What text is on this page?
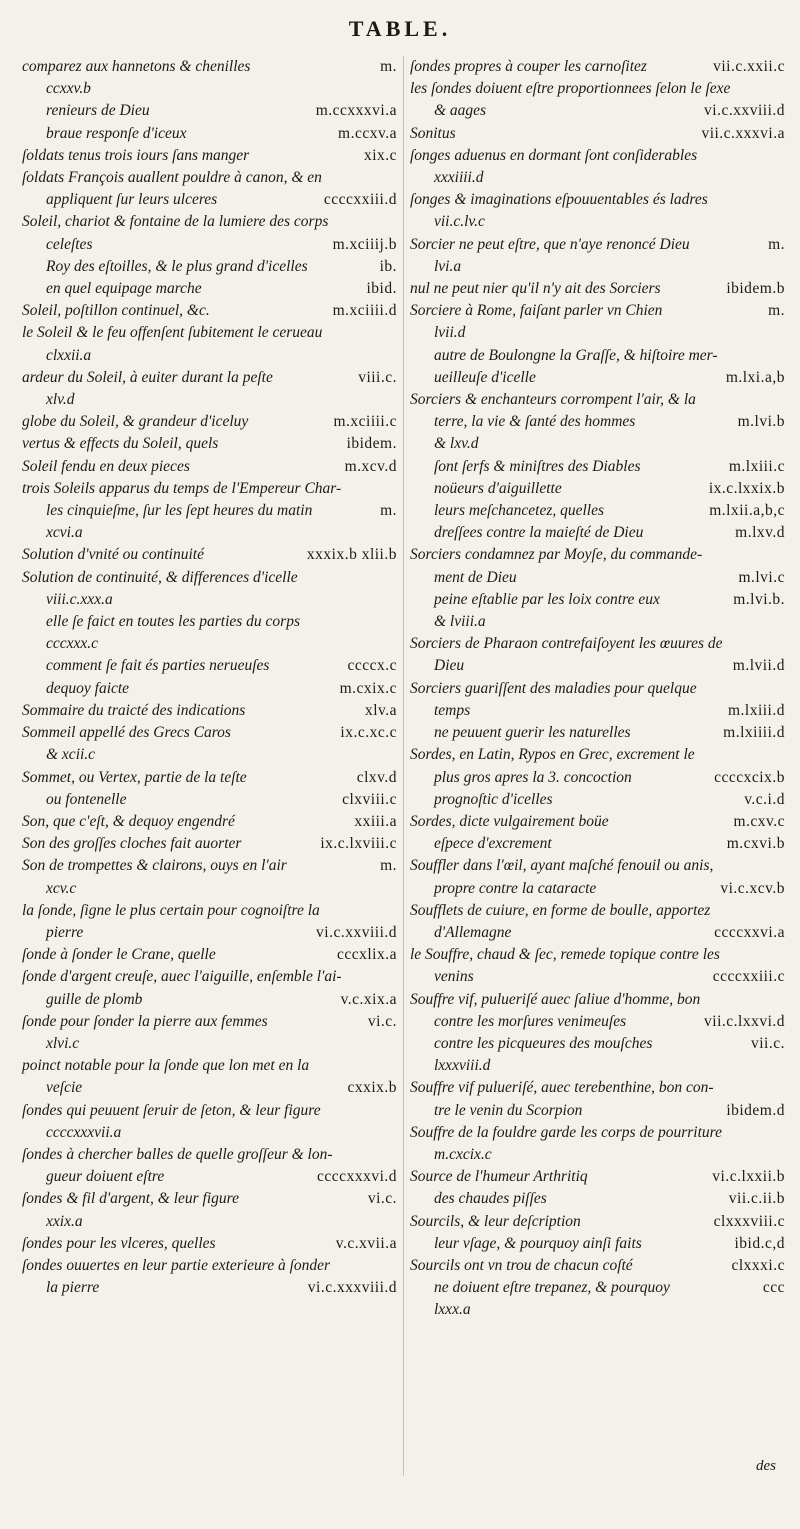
TABLE.
comparez aux hannetons & chenilles	m.
ccxxv.b
renieurs de Dieu	m.ccxxxvi.a
braue responſe d'iceux	m.ccxv.a
ſoldats tenus trois iours ſans manger	xix.c
ſoldats François auallent pouldre à canon, & en
appliquent ſur leurs ulceres	ccccxxiii.d
Soleil, chariot & fontaine de la lumiere des corps
celeſtes	m.xciiij.b
Roy des eſtoilles, & le plus grand d'icelles	ib.
en quel equipage marche	ibid.
Soleil, poſtillon continuel, &c.	m.xciiii.d
le Soleil & le feu offenſent ſubitement le cerueau
clxxii.a
ardeur du Soleil, à euiter durant la peſte	viii.c.
xlv.d
globe du Soleil, & grandeur d'iceluy	m.xciiii.c
vertus & effects du Soleil, quels	ibidem.
Soleil fendu en deux pieces	m.xcv.d
trois Soleils apparus du temps de l'Empereur Char-
les cinquieſme, ſur les ſept heures du matin	m.
xcvi.a
Solution d'vnité ou continuité	xxxix.b xlii.b
Solution de continuité, & differences d'icelle
viii.c.xxx.a
elle ſe faict en toutes les parties du corps
cccxxx.c
comment ſe fait és parties nerueuſes	ccccx.c
dequoy faicte	m.cxix.c
Sommaire du traicté des indications	xlv.a
Sommeil appellé des Grecs Caros	ix.c.xc.c
& xcii.c
Sommet, ou Vertex, partie de la teſte	clxv.d
ou fontenelle	clxviii.c
Son, que c'eſt, & dequoy engendré	xxiii.a
Son des groſſes cloches fait auorter	ix.c.lxviii.c
Son de trompettes & clairons, ouys en l'air	m.
xcv.c
la ſonde, ſigne le plus certain pour cognoiſtre la
pierre	vi.c.xxviii.d
ſonde à ſonder le Crane, quelle	cccxlix.a
ſonde d'argent creuſe, auec l'aiguille, enſemble l'ai-
guille de plomb	v.c.xix.a
ſonde pour ſonder la pierre aux femmes	vi.c.
xlvi.c
poinct notable pour la ſonde que lon met en la
veſcie	cxxix.b
ſondes qui peuuent ſeruir de ſeton, & leur figure
ccccxxxvii.a
ſondes à chercher balles de quelle groſſeur & lon-
gueur doiuent eſtre	ccccxxxvi.d
ſondes & fil d'argent, & leur figure	vi.c.
xxix.a
ſondes pour les vlceres, quelles	v.c.xvii.a
ſondes ouuertes en leur partie exterieure à ſonder
la pierre	vi.c.xxxviii.d
ſondes propres à couper les carnoſitez	vii.c.xxii.c
les ſondes doiuent eſtre proportionnees ſelon le ſexe
& aages	vi.c.xxviii.d
Sonitus	vii.c.xxxvi.a
ſonges aduenus en dormant ſont conſiderables
xxxiiii.d
ſonges & imaginations eſpouuentables és ladres
vii.c.lv.c
Sorcier ne peut eſtre, que n'aye renoncé Dieu	m.
lvi.a
nul ne peut nier qu'il n'y ait des Sorciers	ibidem.b
Sorciere à Rome, faiſant parler vn Chien	m.
lvii.d
autre de Boulongne la Graſſe, & hiſtoire mer-
ueilleuſe d'icelle	m.lxi.a,b
Sorciers & enchanteurs corrompent l'air, & la
terre, la vie & ſanté des hommes	m.lvi.b
& lxv.d
ſont ſerfs & miniſtres des Diables	m.lxiii.c
noüeurs d'aiguillette	ix.c.lxxix.b
leurs meſchancetez, quelles	m.lxii.a,b,c
dreſſees contre la maieſté de Dieu	m.lxv.d
Sorciers condamnez par Moyſe, du commande-
ment de Dieu	m.lvi.c
peine eſtablie par les loix contre eux	m.lvi.b.
& lviii.a
Sorciers de Pharaon contrefaiſoyent les œuures de
Dieu	m.lvii.d
Sorciers guariſſent des maladies pour quelque
temps	m.lxiii.d
ne peuuent guerir les naturelles	m.lxiiii.d
Sordes, en Latin, Rypos en Grec, excrement le
plus gros apres la 3. concoction	ccccxcix.b
prognoſtic d'icelles	v.c.i.d
Sordes, dicte vulgairement boüe	m.cxv.c
eſpece d'excrement	m.cxvi.b
Souffler dans l'œil, ayant maſché fenouil ou anis,
propre contre la cataracte	vi.c.xcv.b
Soufflets de cuiure, en forme de boulle, apportez
d'Allemagne	ccccxxvi.a
le Souffre, chaud & ſec, remede topique contre les
venins	ccccxxiii.c
Souffre vif, pulueriſé auec ſaliue d'homme, bon
contre les morſures venimeuſes	vii.c.lxxvi.d
contre les picqueures des mouſches	vii.c.
lxxxviii.d
Souffre vif pulueriſé, auec terebenthine, bon con-
tre le venin du Scorpion	ibidem.d
Souffre de la fouldre garde les corps de pourriture
m.cxcix.c
Source de l'humeur Arthritiq	vi.c.lxxii.b
des chaudes piſſes	vii.c.ii.b
Sourcils, & leur deſcription	clxxxviii.c
leur vſage, & pourquoy ainſi faits	ibid.c,d
Sourcils ont vn trou de chacun coſté	clxxxi.c
ne doiuent eſtre trepanez, & pourquoy	ccc
lxxx.a
des
